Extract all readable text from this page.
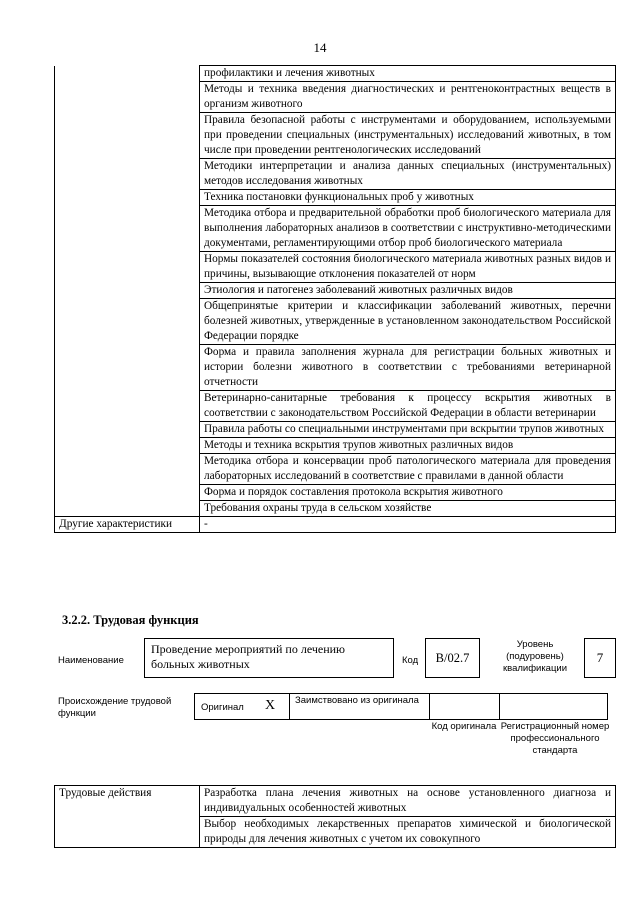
14
	профилактики и лечения животных
	Методы и техника введения диагностических и рентгеноконтрастных веществ в организм животного
	Правила безопасной работы с инструментами и оборудованием, используемыми при проведении специальных (инструментальных) исследований животных, в том числе при проведении рентгенологических исследований
	Методики интерпретации и анализа данных специальных (инструментальных) методов исследования животных
	Техника постановки функциональных проб у животных
	Методика отбора и предварительной обработки проб биологического материала для выполнения лабораторных анализов в соответствии с инструктивно-методическими документами, регламентирующими отбор проб биологического материала
	Нормы показателей состояния биологического материала животных разных видов и причины, вызывающие отклонения показателей от норм
	Этиология и патогенез заболеваний животных различных видов
	Общепринятые критерии и классификации заболеваний животных, перечни болезней животных, утвержденные в установленном законодательством Российской Федерации порядке
	Форма и правила заполнения журнала для регистрации больных животных и истории болезни животного в соответствии с требованиями ветеринарной отчетности
	Ветеринарно-санитарные требования к процессу вскрытия животных в соответствии с законодательством Российской Федерации в области ветеринарии
	Правила работы со специальными инструментами при вскрытии трупов животных
	Методы и техника вскрытия трупов животных различных видов
	Методика отбора и консервации проб патологического материала для проведения лабораторных исследований в соответствие с правилами в данной области
	Форма и порядок составления протокола вскрытия животного
	Требования охраны труда в сельском хозяйстве
Другие характеристики	-
3.2.2. Трудовая функция
Наименование
Проведение мероприятий по лечению больных животных	Код	B/02.7
Уровень (подуровень) квалификации
7
Происхождение трудовой функции
Оригинал X Заимствовано из оригинала
Код оригинала Регистрационный номер профессионального стандарта
Трудовые действия	Разработка плана лечения животных на основе установленного диагноза и индивидуальных особенностей животных
	Выбор необходимых лекарственных препаратов химической и биологической природы для лечения животных с учетом их совокупного
